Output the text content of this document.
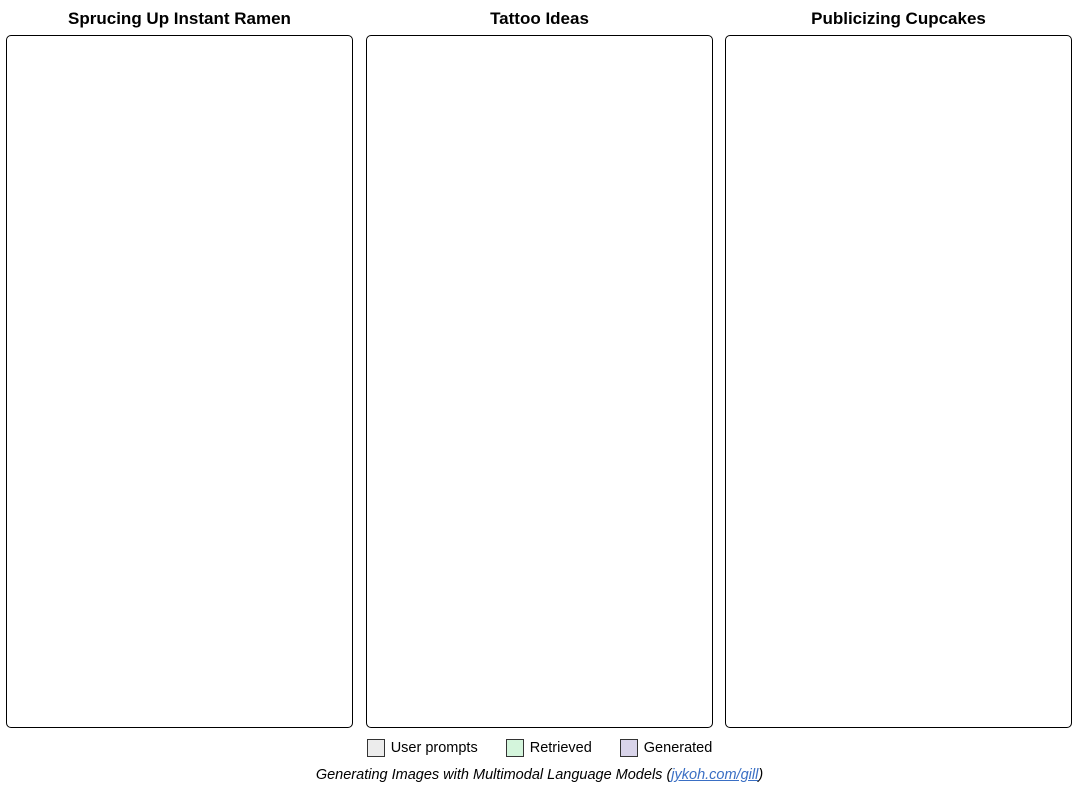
Sprucing Up Instant Ramen	Tattoo Ideas	Publicizing Cupcakes
User prompts	Retrieved	Generated
Generating Images with Multimodal Language Models (jykoh.com/gill)
